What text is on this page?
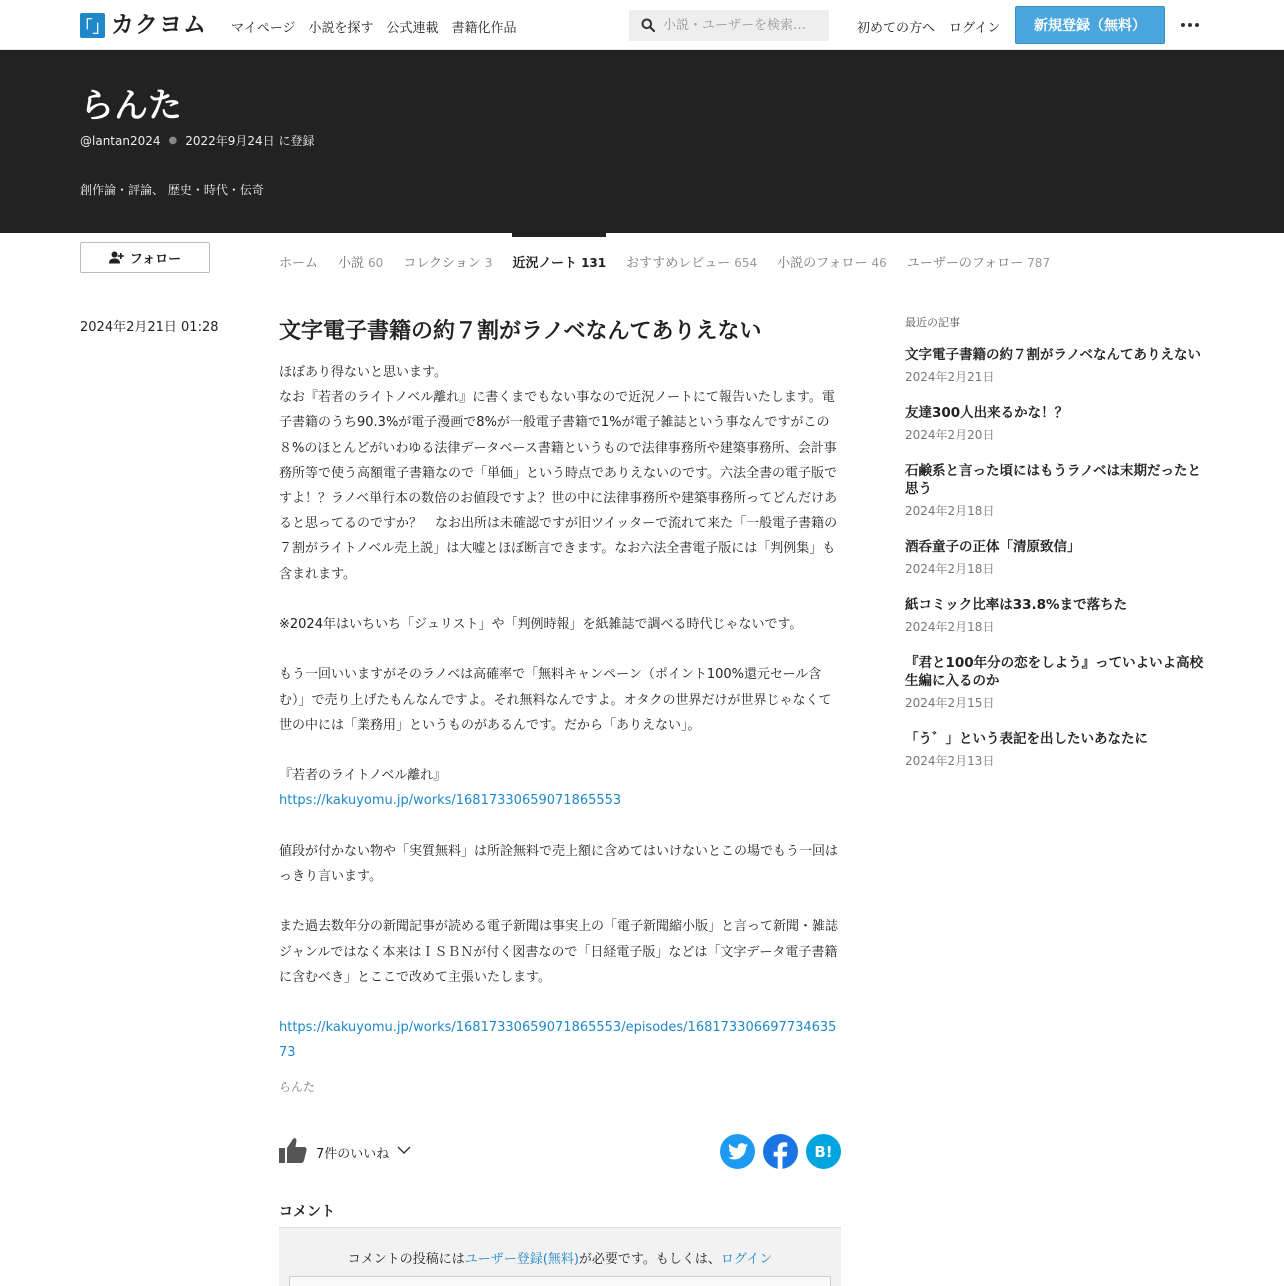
「」 カクヨム マイページ 小説を探す 公式連載 書籍化作品
小説・ユーザーを検索…	初めての方へ ログイン	新規登録（無料）
らんた
@lantan2024 ● 2022年9月24日 に登録
創作論・評論、 歴史・時代・伝奇
フォロー	ホーム 小説 60 コレクション 3 近況ノート 131 おすすめレビュー 654 小説のフォロー 46 ユーザーのフォロー 787
2024年2月21日 01:28	文字電子書籍の約７割がラノベなんてありえない

ほぼあり得ないと思います。

なお『若者のライトノベル離れ』に書くまでもない事なので近況ノートにて報告いたします。電子書籍のうち90.3%が電子漫画で8%が一般電子書籍で1%が電子雑誌という事なんですがこの８%のほとんどがいわゆる法律データベース書籍というもので法律事務所や建築事務所、会計事務所等で使う高額電子書籍なので「単価」という時点でありえないのです。六法全書の電子版ですよ！？ラノベ単行本の数倍のお値段ですよ？世の中に法律事務所や建築事務所ってどんだけあると思ってるのですか？　なお出所は未確認ですが旧ツイッターで流れて来た「一般電子書籍の７割がライトノベル売上説」は大嘘とほぼ断言できます。なお六法全書電子版には「判例集」も含まれます。

※2024年はいちいち「ジュリスト」や「判例時報」を紙雑誌で調べる時代じゃないです。

もう一回いいますがそのラノベは高確率で「無料キャンペーン（ポイント100%還元セール含む）」で売り上げたもんなんですよ。それ無料なんですよ。オタクの世界だけが世界じゃなくて世の中には「業務用」というものがあるんです。だから「ありえない」。

『若者のライトノベル離れ』

https://kakuyomu.jp/works/16817330659071865553

値段が付かない物や「実質無料」は所詮無料で売上額に含めてはいけないとこの場でもう一回はっきり言います。

また過去数年分の新聞記事が読める電子新聞は事実上の「電子新聞縮小版」と言って新聞・雑誌ジャンルではなく本来はＩＳＢＮが付く図書なので「日経電子版」などは「文字データ電子書籍に含むべき」とここで改めて主張いたします。

https://kakuyomu.jp/works/16817330659071865553/episodes/16817330669773463573

らんた
7件のいいね	B!
コメント
コメントの投稿にはユーザー登録(無料)が必要です。もしくは、ログイン
最近の記事
文字電子書籍の約７割がラノベなんてありえない
2024年2月21日
友達300人出来るかな！？
2024年2月20日
石鹸系と言った頃にはもうラノベは末期だったと思う
2024年2月18日
酒呑童子の正体「清原致信」
2024年2月18日
紙コミック比率は33.8%まで落ちた
2024年2月18日
『君と100年分の恋をしよう』っていよいよ高校生編に入るのか
2024年2月15日
「う゛」という表記を出したいあなたに
2024年2月13日
